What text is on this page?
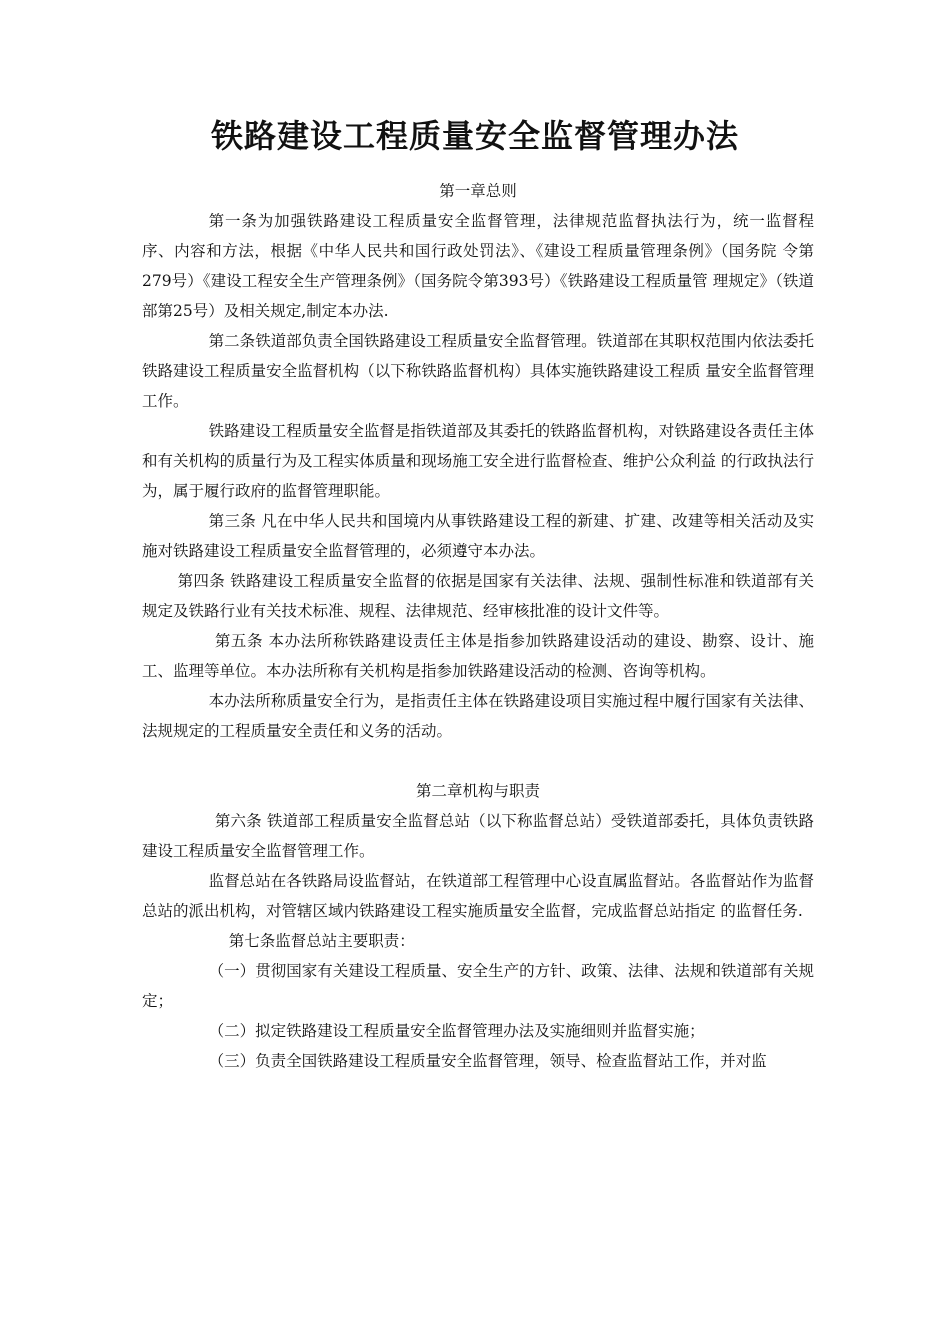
铁路建设工程质量安全监督管理办法
第一章总则

第一条为加强铁路建设工程质量安全监督管理，法律规范监督执法行为，统一监督程 序、内容和方法，根据《中华人民共和国行政处罚法》、《建设工程质量管理条例》（国务院 令第279号）《建设工程安全生产管理条例》（国务院令第393号）《铁路建设工程质量管 理规定》（铁道部第25号）及相关规定,制定本办法.

第二条铁道部负责全国铁路建设工程质量安全监督管理。铁道部在其职权范围内依法委托铁路建设工程质量安全监督机构（以下称铁路监督机构）具体实施铁路建设工程质 量安全监督管理工作。

铁路建设工程质量安全监督是指铁道部及其委托的铁路监督机构，对铁路建设各责任主体和有关机构的质量行为及工程实体质量和现场施工安全进行监督检查、维护公众利益 的行政执法行为，属于履行政府的监督管理职能。

第三条 凡在中华人民共和国境内从事铁路建设工程的新建、扩建、改建等相关活动及实施对铁路建设工程质量安全监督管理的，必须遵守本办法。

第四条 铁路建设工程质量安全监督的依据是国家有关法律、法规、强制性标准和铁道部有关规定及铁路行业有关技术标准、规程、法律规范、经审核批准的设计文件等。

第五条 本办法所称铁路建设责任主体是指参加铁路建设活动的建设、勘察、设计、施工、监理等单位。本办法所称有关机构是指参加铁路建设活动的检测、咨询等机构。

本办法所称质量安全行为，是指责任主体在铁路建设项目实施过程中履行国家有关法律、法规规定的工程质量安全责任和义务的活动。

第二章机构与职责

第六条 铁道部工程质量安全监督总站（以下称监督总站）受铁道部委托，具体负责铁路建设工程质量安全监督管理工作。

监督总站在各铁路局设监督站，在铁道部工程管理中心设直属监督站。各监督站作为监督总站的派出机构，对管辖区域内铁路建设工程实施质量安全监督，完成监督总站指定 的监督任务.

第七条监督总站主要职责：

（一）贯彻国家有关建设工程质量、安全生产的方针、政策、法律、法规和铁道部有关规定；

（二）拟定铁路建设工程质量安全监督管理办法及实施细则并监督实施；

（三）负责全国铁路建设工程质量安全监督管理，领导、检查监督站工作，并对监
